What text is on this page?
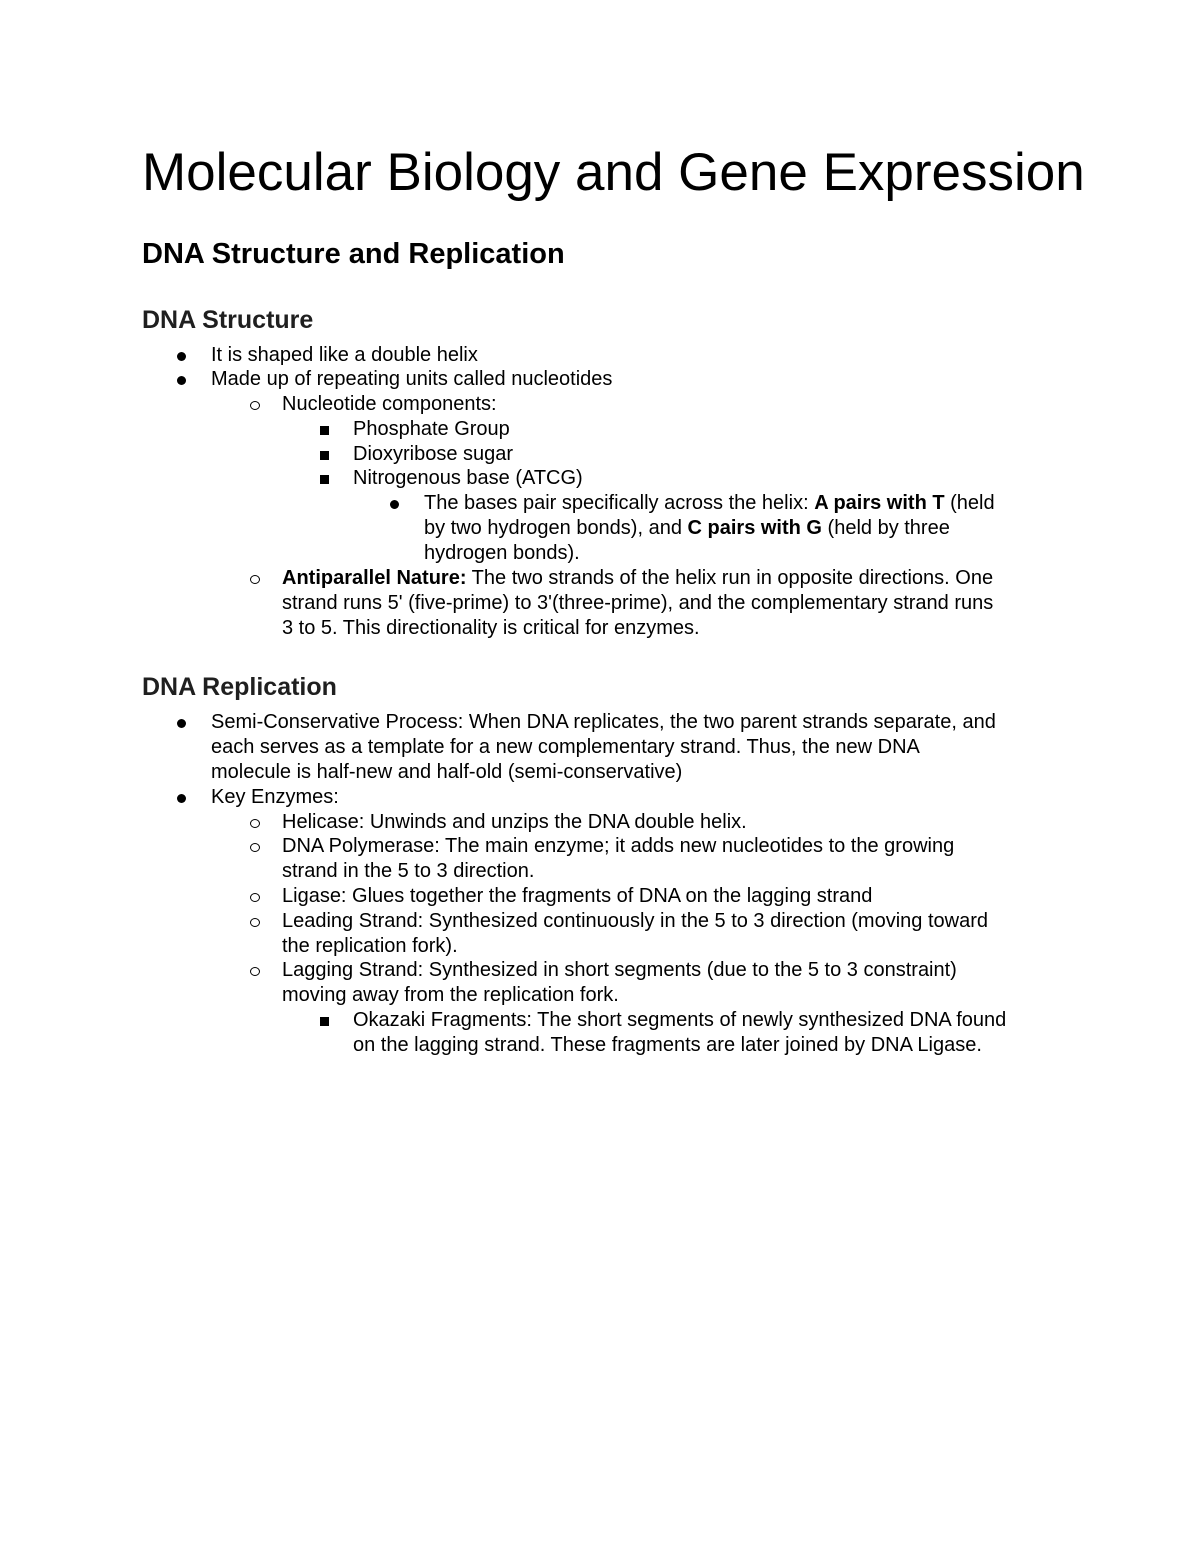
Molecular Biology and Gene Expression
DNA Structure and Replication
DNA Structure
It is shaped like a double helix
Made up of repeating units called nucleotides
Nucleotide components:
Phosphate Group
Dioxyribose sugar
Nitrogenous base (ATCG)
The bases pair specifically across the helix: A pairs with T (held
by two hydrogen bonds), and C pairs with G (held by three
hydrogen bonds).
Antiparallel Nature: The two strands of the helix run in opposite directions. One
strand runs 5' (five-prime) to 3'(three-prime), and the complementary strand runs
3 to 5. This directionality is critical for enzymes.
DNA Replication
Semi-Conservative Process: When DNA replicates, the two parent strands separate, and
each serves as a template for a new complementary strand. Thus, the new DNA
molecule is half-new and half-old (semi-conservative)
Key Enzymes:
Helicase: Unwinds and unzips the DNA double helix.
DNA Polymerase: The main enzyme; it adds new nucleotides to the growing
strand in the 5 to 3 direction.
Ligase: Glues together the fragments of DNA on the lagging strand
Leading Strand: Synthesized continuously in the 5 to 3 direction (moving toward
the replication fork).
Lagging Strand: Synthesized in short segments (due to the 5 to 3 constraint)
moving away from the replication fork.
Okazaki Fragments: The short segments of newly synthesized DNA found
on the lagging strand. These fragments are later joined by DNA Ligase.
